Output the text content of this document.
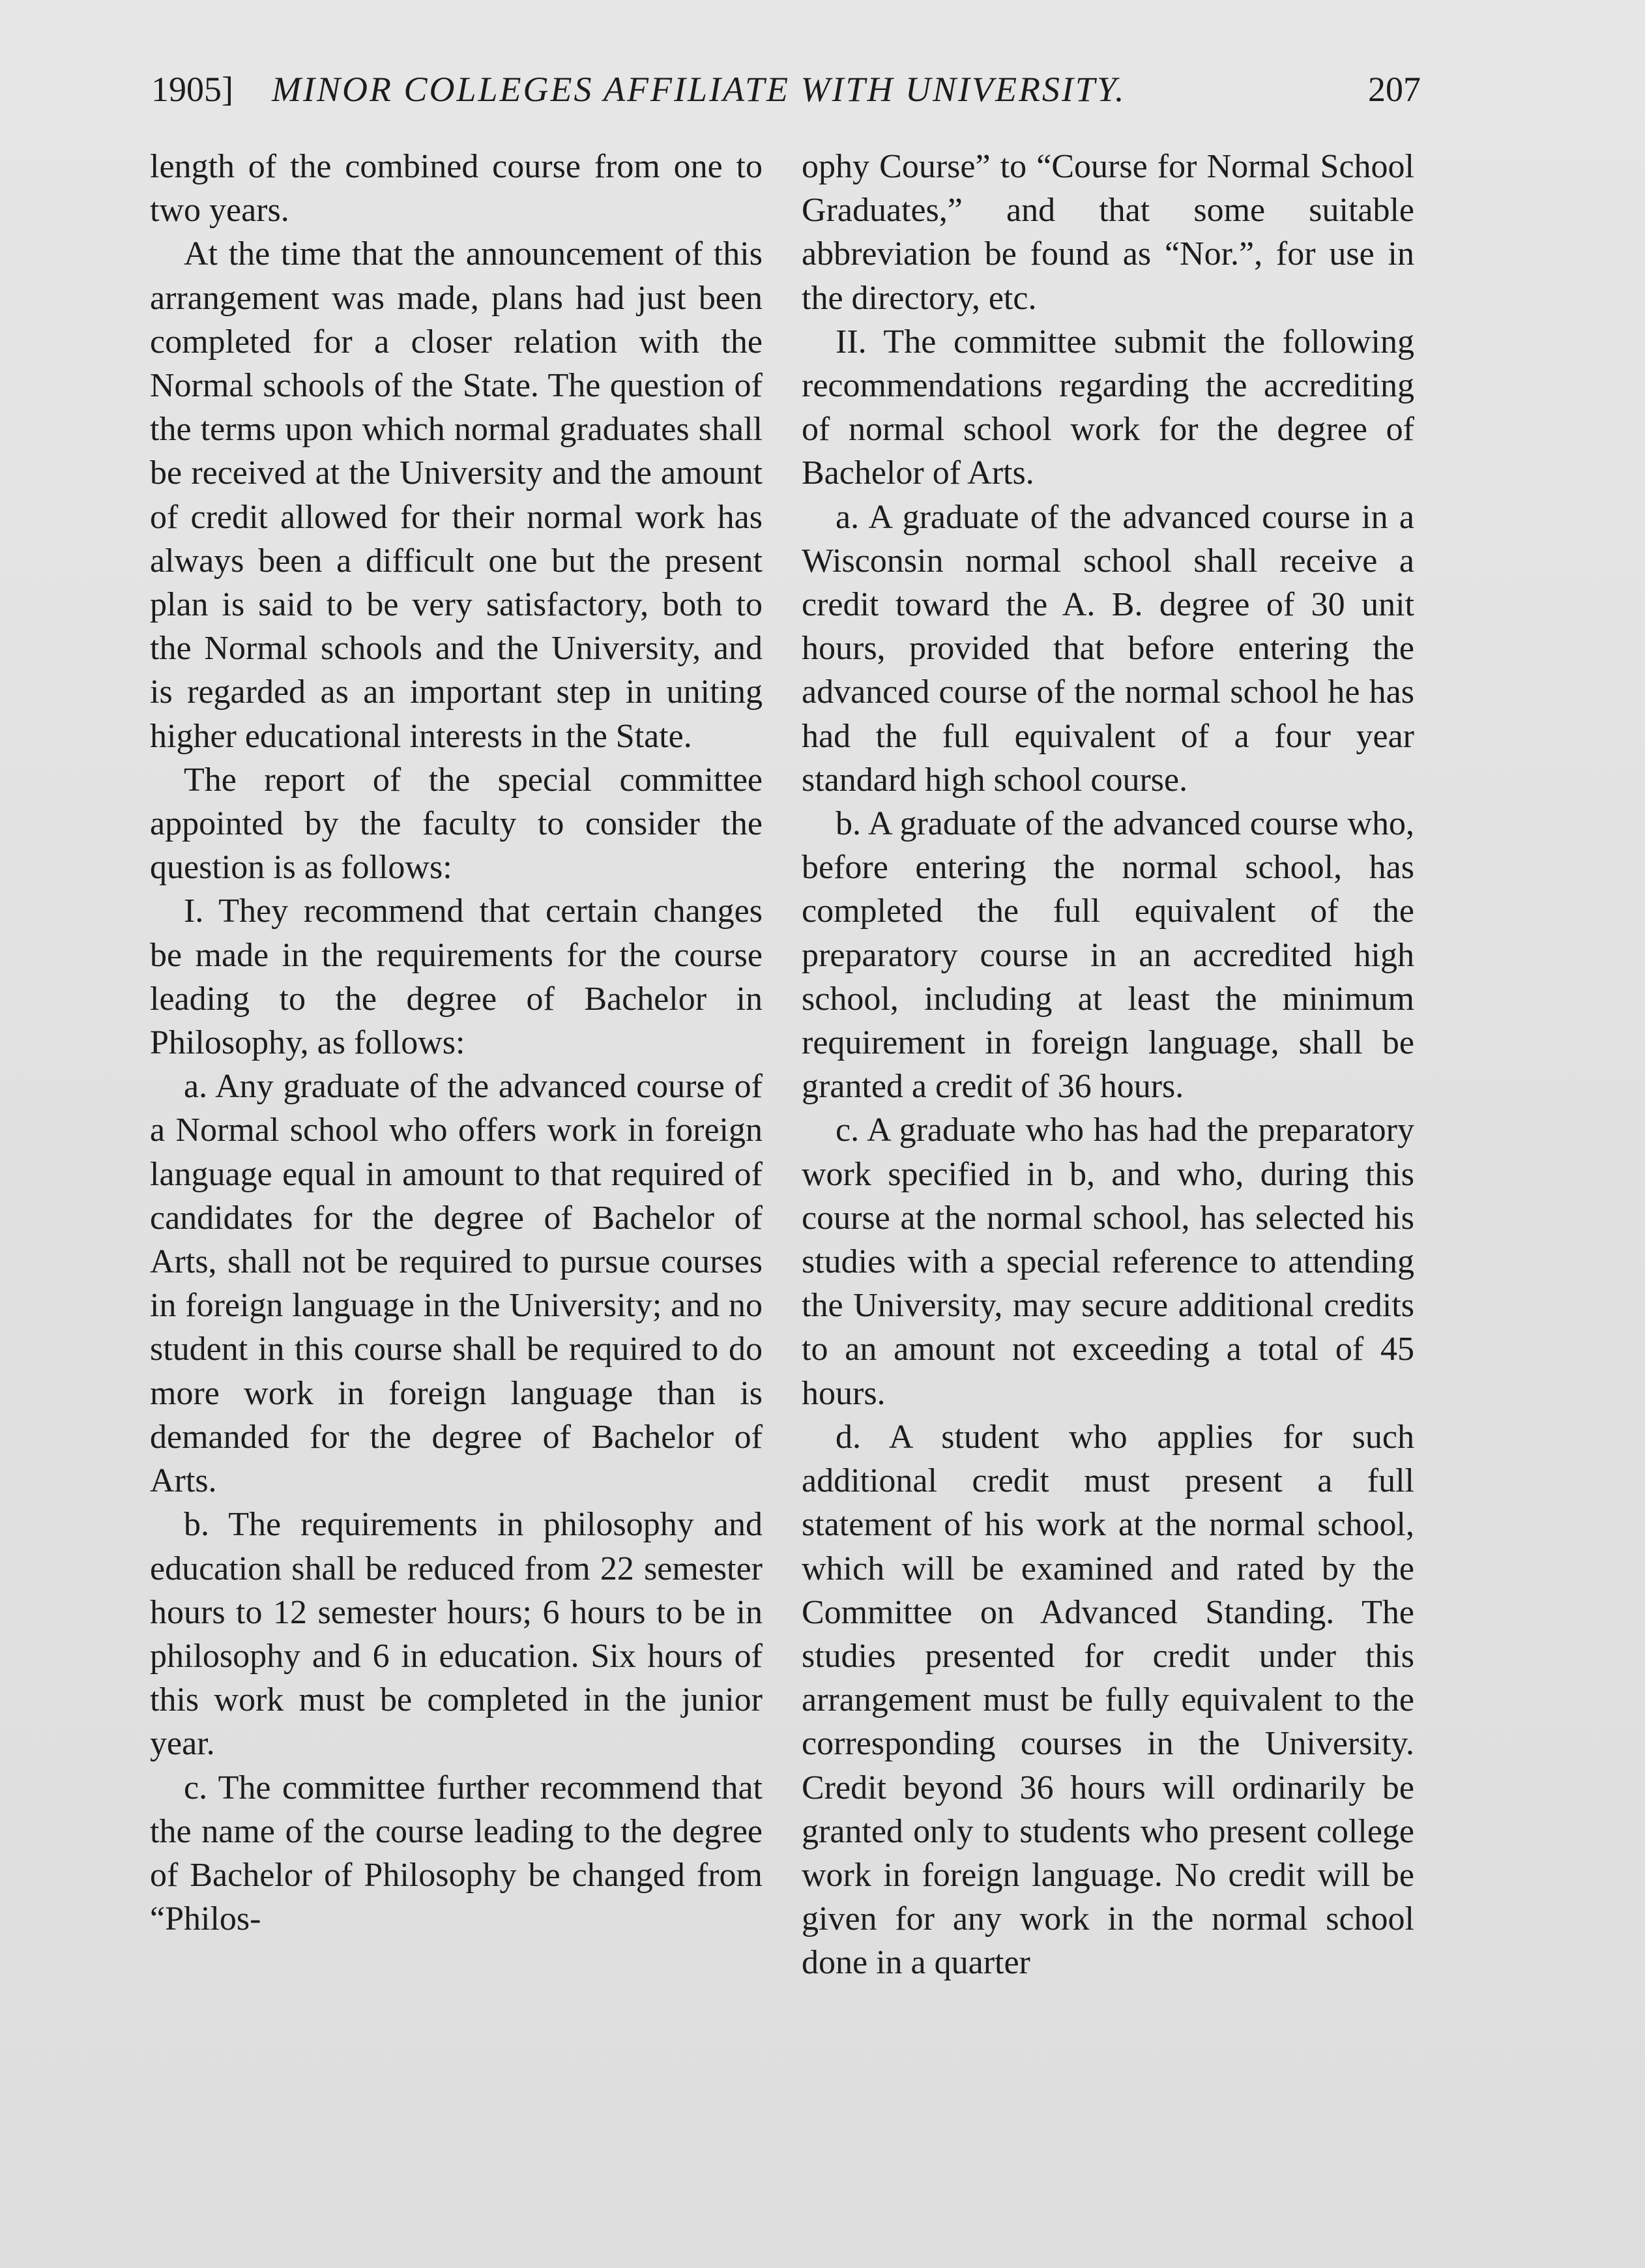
1905] MINOR COLLEGES AFFILIATE WITH UNIVERSITY.	207

length of the combined course from one to two years.

At the time that the announcement of this arrangement was made, plans had just been completed for a closer relation with the Normal schools of the State. The question of the terms upon which normal graduates shall be received at the University and the amount of credit allowed for their normal work has always been a difficult one but the present plan is said to be very satisfactory, both to the Normal schools and the University, and is regarded as an important step in uniting higher educational interests in the State.

The report of the special committee appointed by the faculty to consider the question is as follows:

I. They recommend that certain changes be made in the requirements for the course leading to the degree of Bachelor in Philosophy, as follows:

a. Any graduate of the advanced course of a Normal school who offers work in foreign language equal in amount to that required of candidates for the degree of Bachelor of Arts, shall not be required to pursue courses in foreign language in the University; and no student in this course shall be required to do more work in foreign language than is demanded for the degree of Bachelor of Arts.

b. The requirements in philosophy and education shall be reduced from 22 semester hours to 12 semester hours; 6 hours to be in philosophy and 6 in education. Six hours of this work must be completed in the junior year.

c. The committee further recommend that the name of the course leading to the degree of Bachelor of Philosophy be changed from “Philos-

ophy Course” to “Course for Normal School Graduates,” and that some suitable abbreviation be found as “Nor.”, for use in the directory, etc.

II. The committee submit the following recommendations regarding the accrediting of normal school work for the degree of Bachelor of Arts.

a. A graduate of the advanced course in a Wisconsin normal school shall receive a credit toward the A. B. degree of 30 unit hours, provided that before entering the advanced course of the normal school he has had the full equivalent of a four year standard high school course.

b. A graduate of the advanced course who, before entering the normal school, has completed the full equivalent of the preparatory course in an accredited high school, including at least the minimum requirement in foreign language, shall be granted a credit of 36 hours.

c. A graduate who has had the preparatory work specified in b, and who, during this course at the normal school, has selected his studies with a special reference to attending the University, may secure additional credits to an amount not exceeding a total of 45 hours.

d. A student who applies for such additional credit must present a full statement of his work at the normal school, which will be examined and rated by the Committee on Advanced Standing. The studies presented for credit under this arrangement must be fully equivalent to the corresponding courses in the University. Credit beyond 36 hours will ordinarily be granted only to students who present college work in foreign language. No credit will be given for any work in the normal school done in a quarter
